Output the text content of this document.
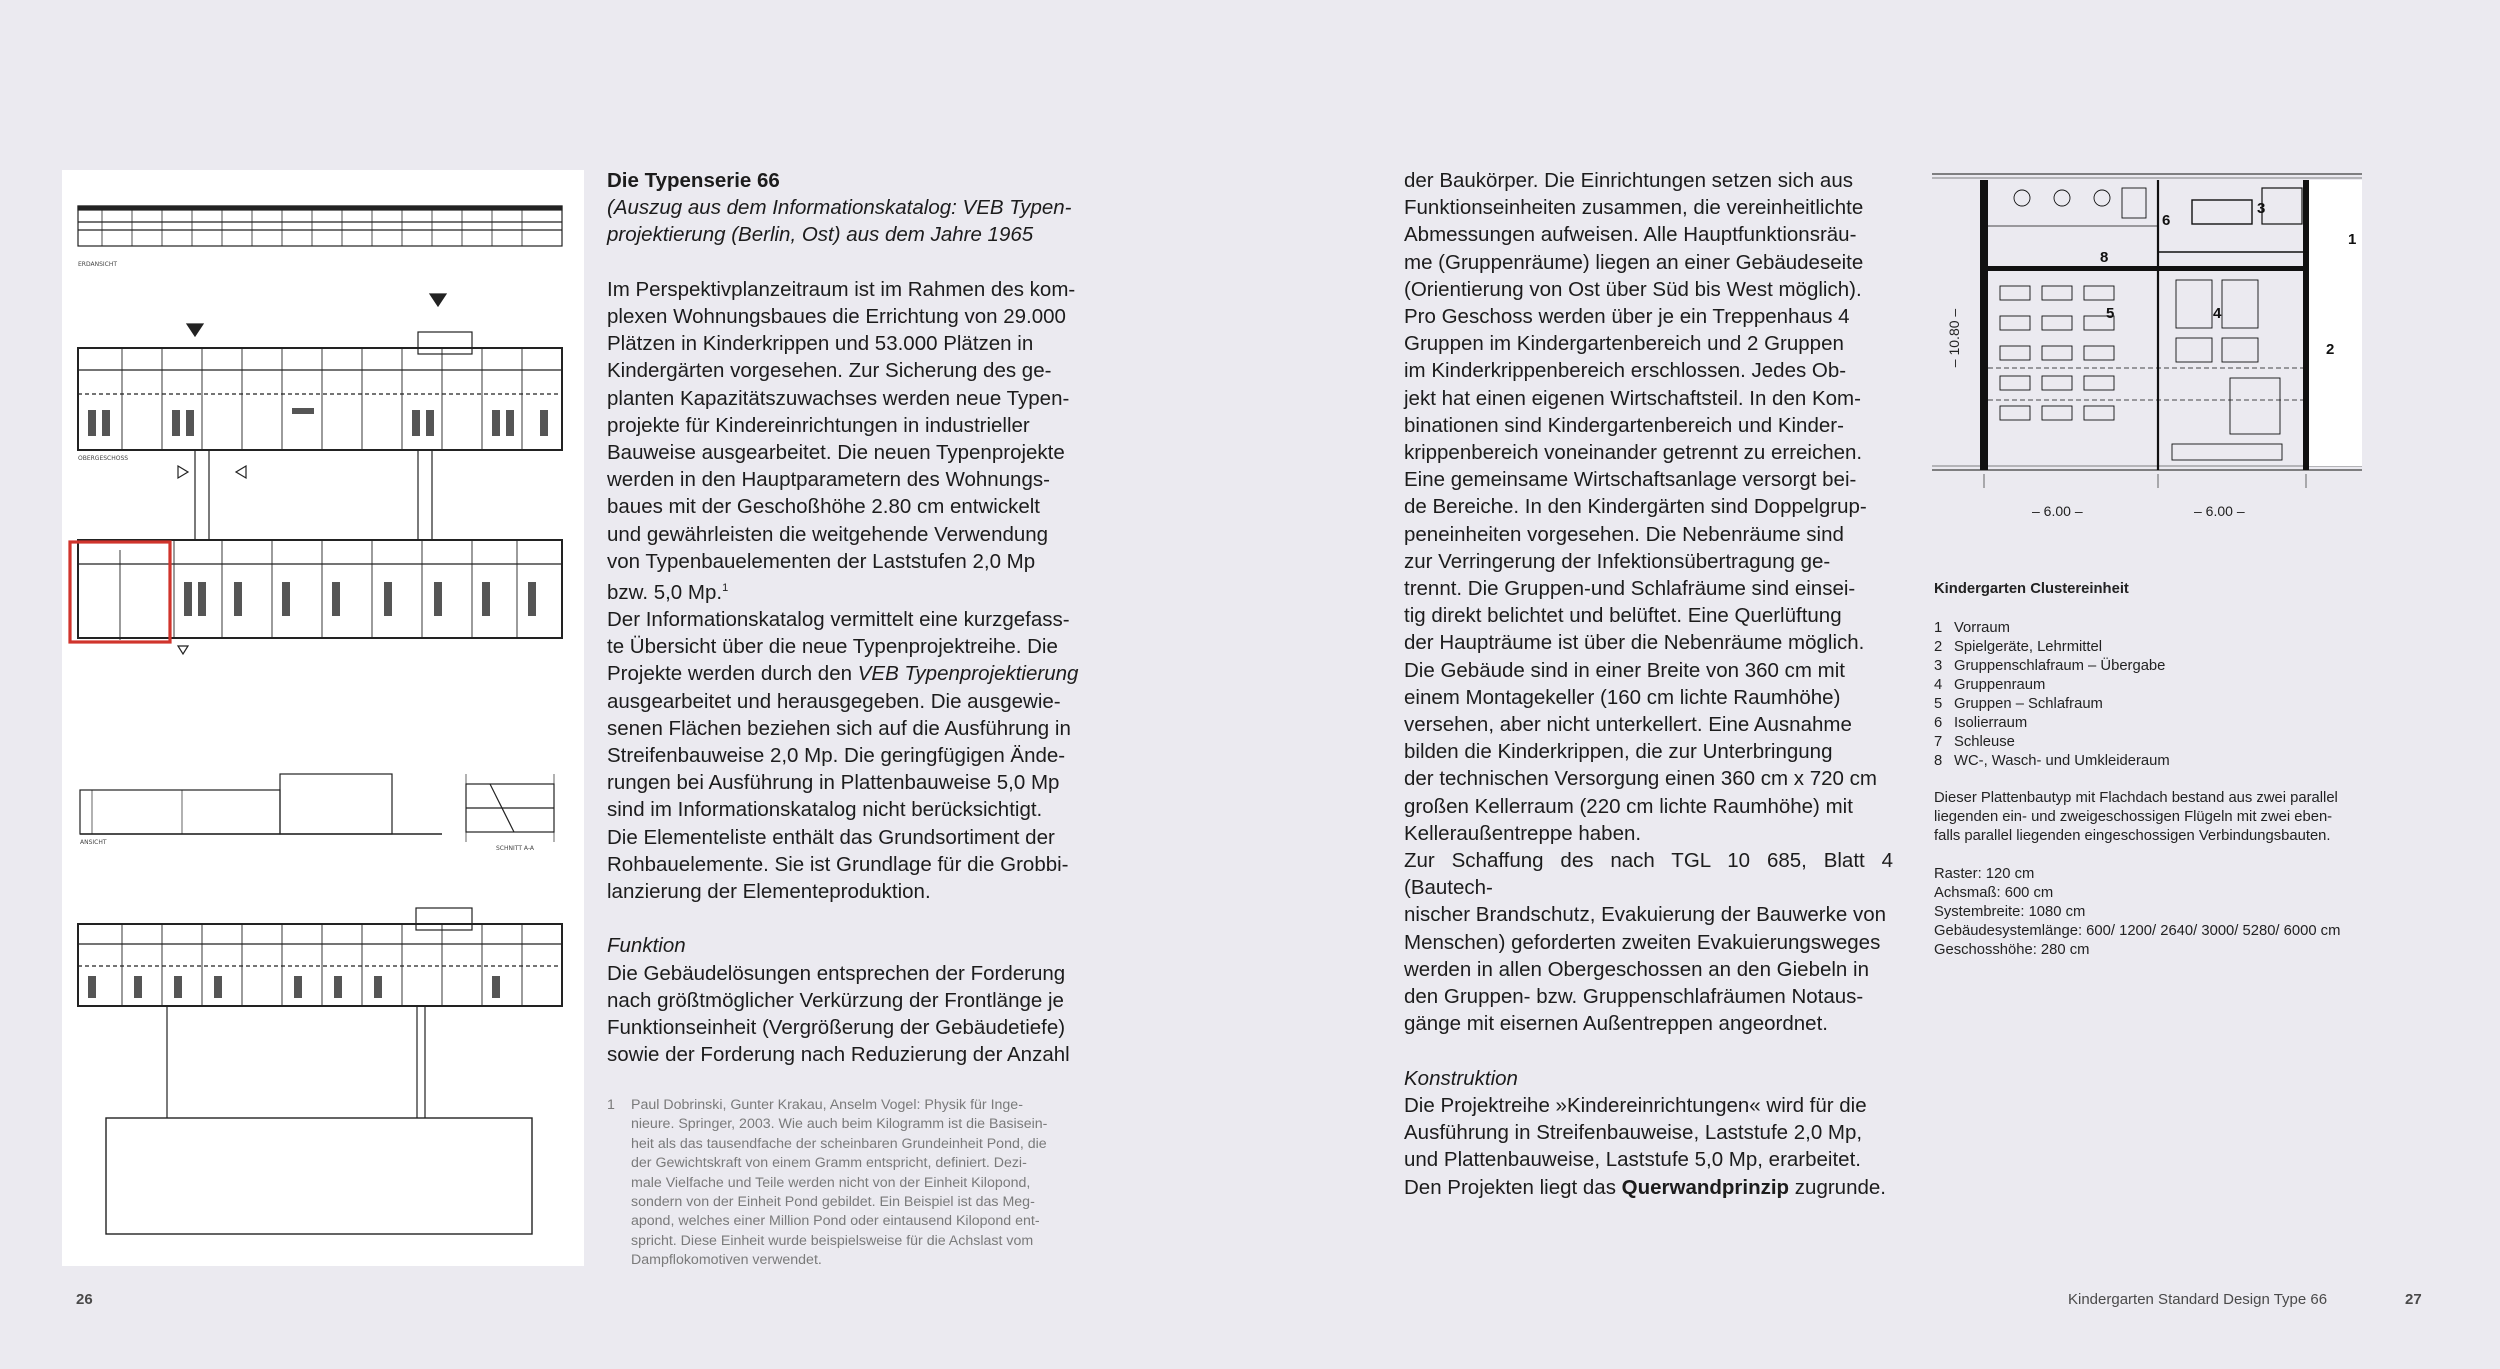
ERDANSICHT
OBERGESCHOSS
ANSICHT
SCHNITT A-A

Die Typenserie 66

(Auszug aus dem Informationskatalog: VEB Typen-

projektierung (Berlin, Ost) aus dem Jahre 1965

Im Perspektivplanzeitraum ist im Rahmen des kom-

plexen Wohnungsbaues die Errichtung von 29.000

Plätzen in Kinderkrippen und 53.000 Plätzen in

Kindergärten vorgesehen. Zur Sicherung des ge-

planten Kapazitätszuwachses werden neue Typen-

projekte für Kindereinrichtungen in industrieller

Bauweise ausgearbeitet. Die neuen Typenprojekte

werden in den Hauptparametern des Wohnungs-

baues mit der Geschoßhöhe 2.80 cm entwickelt

und gewährleisten die weitgehende Verwendung

von Typenbauelementen der Laststufen 2,0 Mp

bzw. 5,0 Mp.$^1$

Der Informationskatalog vermittelt eine kurzgefass-

te Übersicht über die neue Typenprojektreihe. Die

Projekte werden durch den VEB Typenprojektierung

ausgearbeitet und herausgegeben. Die ausgewie-

senen Flächen beziehen sich auf die Ausführung in

Streifenbauweise 2,0 Mp. Die geringfügigen Ände-

rungen bei Ausführung in Plattenbauweise 5,0 Mp

sind im Informationskatalog nicht berücksichtigt.

Die Elementeliste enthält das Grundsortiment der

Rohbauelemente. Sie ist Grundlage für die Grobbi-

lanzierung der Elementeproduktion.

Funktion

Die Gebäudelösungen entsprechen der Forderung

nach größtmöglicher Verkürzung der Frontlänge je

Funktionseinheit (Vergrößerung der Gebäudetiefe)

sowie der Forderung nach Reduzierung der Anzahl

1 Paul Dobrinski, Gunter Krakau, Anselm Vogel: Physik für Inge-
nieure. Springer, 2003. Wie auch beim Kilogramm ist die Basisein-
heit als das tausendfache der scheinbaren Grundeinheit Pond, die
der Gewichtskraft von einem Gramm entspricht, definiert. Dezi-
male Vielfache und Teile werden nicht von der Einheit Kilopond,
sondern von der Einheit Pond gebildet. Ein Beispiel ist das Meg-
apond, welches einer Million Pond oder eintausend Kilopond ent-
spricht. Diese Einheit wurde beispielsweise für die Achslast vom
Dampflokomotiven verwendet.

der Baukörper. Die Einrichtungen setzen sich aus

Funktionseinheiten zusammen, die vereinheitlichte

Abmessungen aufweisen. Alle Hauptfunktionsräu-

me (Gruppenräume) liegen an einer Gebäudeseite

(Orientierung von Ost über Süd bis West möglich).

Pro Geschoss werden über je ein Treppenhaus 4

Gruppen im Kindergartenbereich und 2 Gruppen

im Kinderkrippenbereich erschlossen. Jedes Ob-

jekt hat einen eigenen Wirtschaftsteil. In den Kom-

binationen sind Kindergartenbereich und Kinder-

krippenbereich voneinander getrennt zu erreichen.

Eine gemeinsame Wirtschaftsanlage versorgt bei-

de Bereiche. In den Kindergärten sind Doppelgrup-

peneinheiten vorgesehen. Die Nebenräume sind

zur Verringerung der Infektionsübertragung ge-

trennt. Die Gruppen-und Schlafräume sind einsei-

tig direkt belichtet und belüftet. Eine Querlüftung

der Haupträume ist über die Nebenräume möglich.

Die Gebäude sind in einer Breite von 360 cm mit

einem Montagekeller (160 cm lichte Raumhöhe)

versehen, aber nicht unterkellert. Eine Ausnahme

bilden die Kinderkrippen, die zur Unterbringung

der technischen Versorgung einen 360 cm x 720 cm

großen Kellerraum (220 cm lichte Raumhöhe) mit

Kelleraußentreppe haben.

Zur Schaffung des nach TGL 10 685, Blatt 4 (Bautech-

nischer Brandschutz, Evakuierung der Bauwerke von

Menschen) geforderten zweiten Evakuierungsweges

werden in allen Obergeschossen an den Giebeln in

den Gruppen- bzw. Gruppenschlafräumen Notaus-

gänge mit eisernen Außentreppen angeordnet.

Konstruktion

Die Projektreihe »Kindereinrichtungen« wird für die

Ausführung in Streifenbauweise, Laststufe 2,0 Mp,

und Plattenbauweise, Laststufe 5,0 Mp, erarbeitet.

Den Projekten liegt das Querwandprinzip zugrunde.

1
2
3
4
5
6
8
– 10.80 –
– 6.00 –	– 6.00 –
Kindergarten Clustereinheit
1 Vorraum
2 Spielgeräte, Lehrmittel
3 Gruppenschlafraum – Übergabe
4 Gruppenraum
5 Gruppen – Schlafraum
6 Isolierraum
7 Schleuse
8 WC-, Wasch- und Umkleideraum

Dieser Plattenbautyp mit Flachdach bestand aus zwei parallel

liegenden ein- und zweigeschossigen Flügeln mit zwei eben-

falls parallel liegenden eingeschossigen Verbindungsbauten.

Raster: 120 cm

Achsmaß: 600 cm

Systembreite: 1080 cm

Gebäudesystemlänge: 600/ 1200/ 2640/ 3000/ 5280/ 6000 cm

Geschosshöhe: 280 cm

26	Kindergarten Standard Design Type 66	27
